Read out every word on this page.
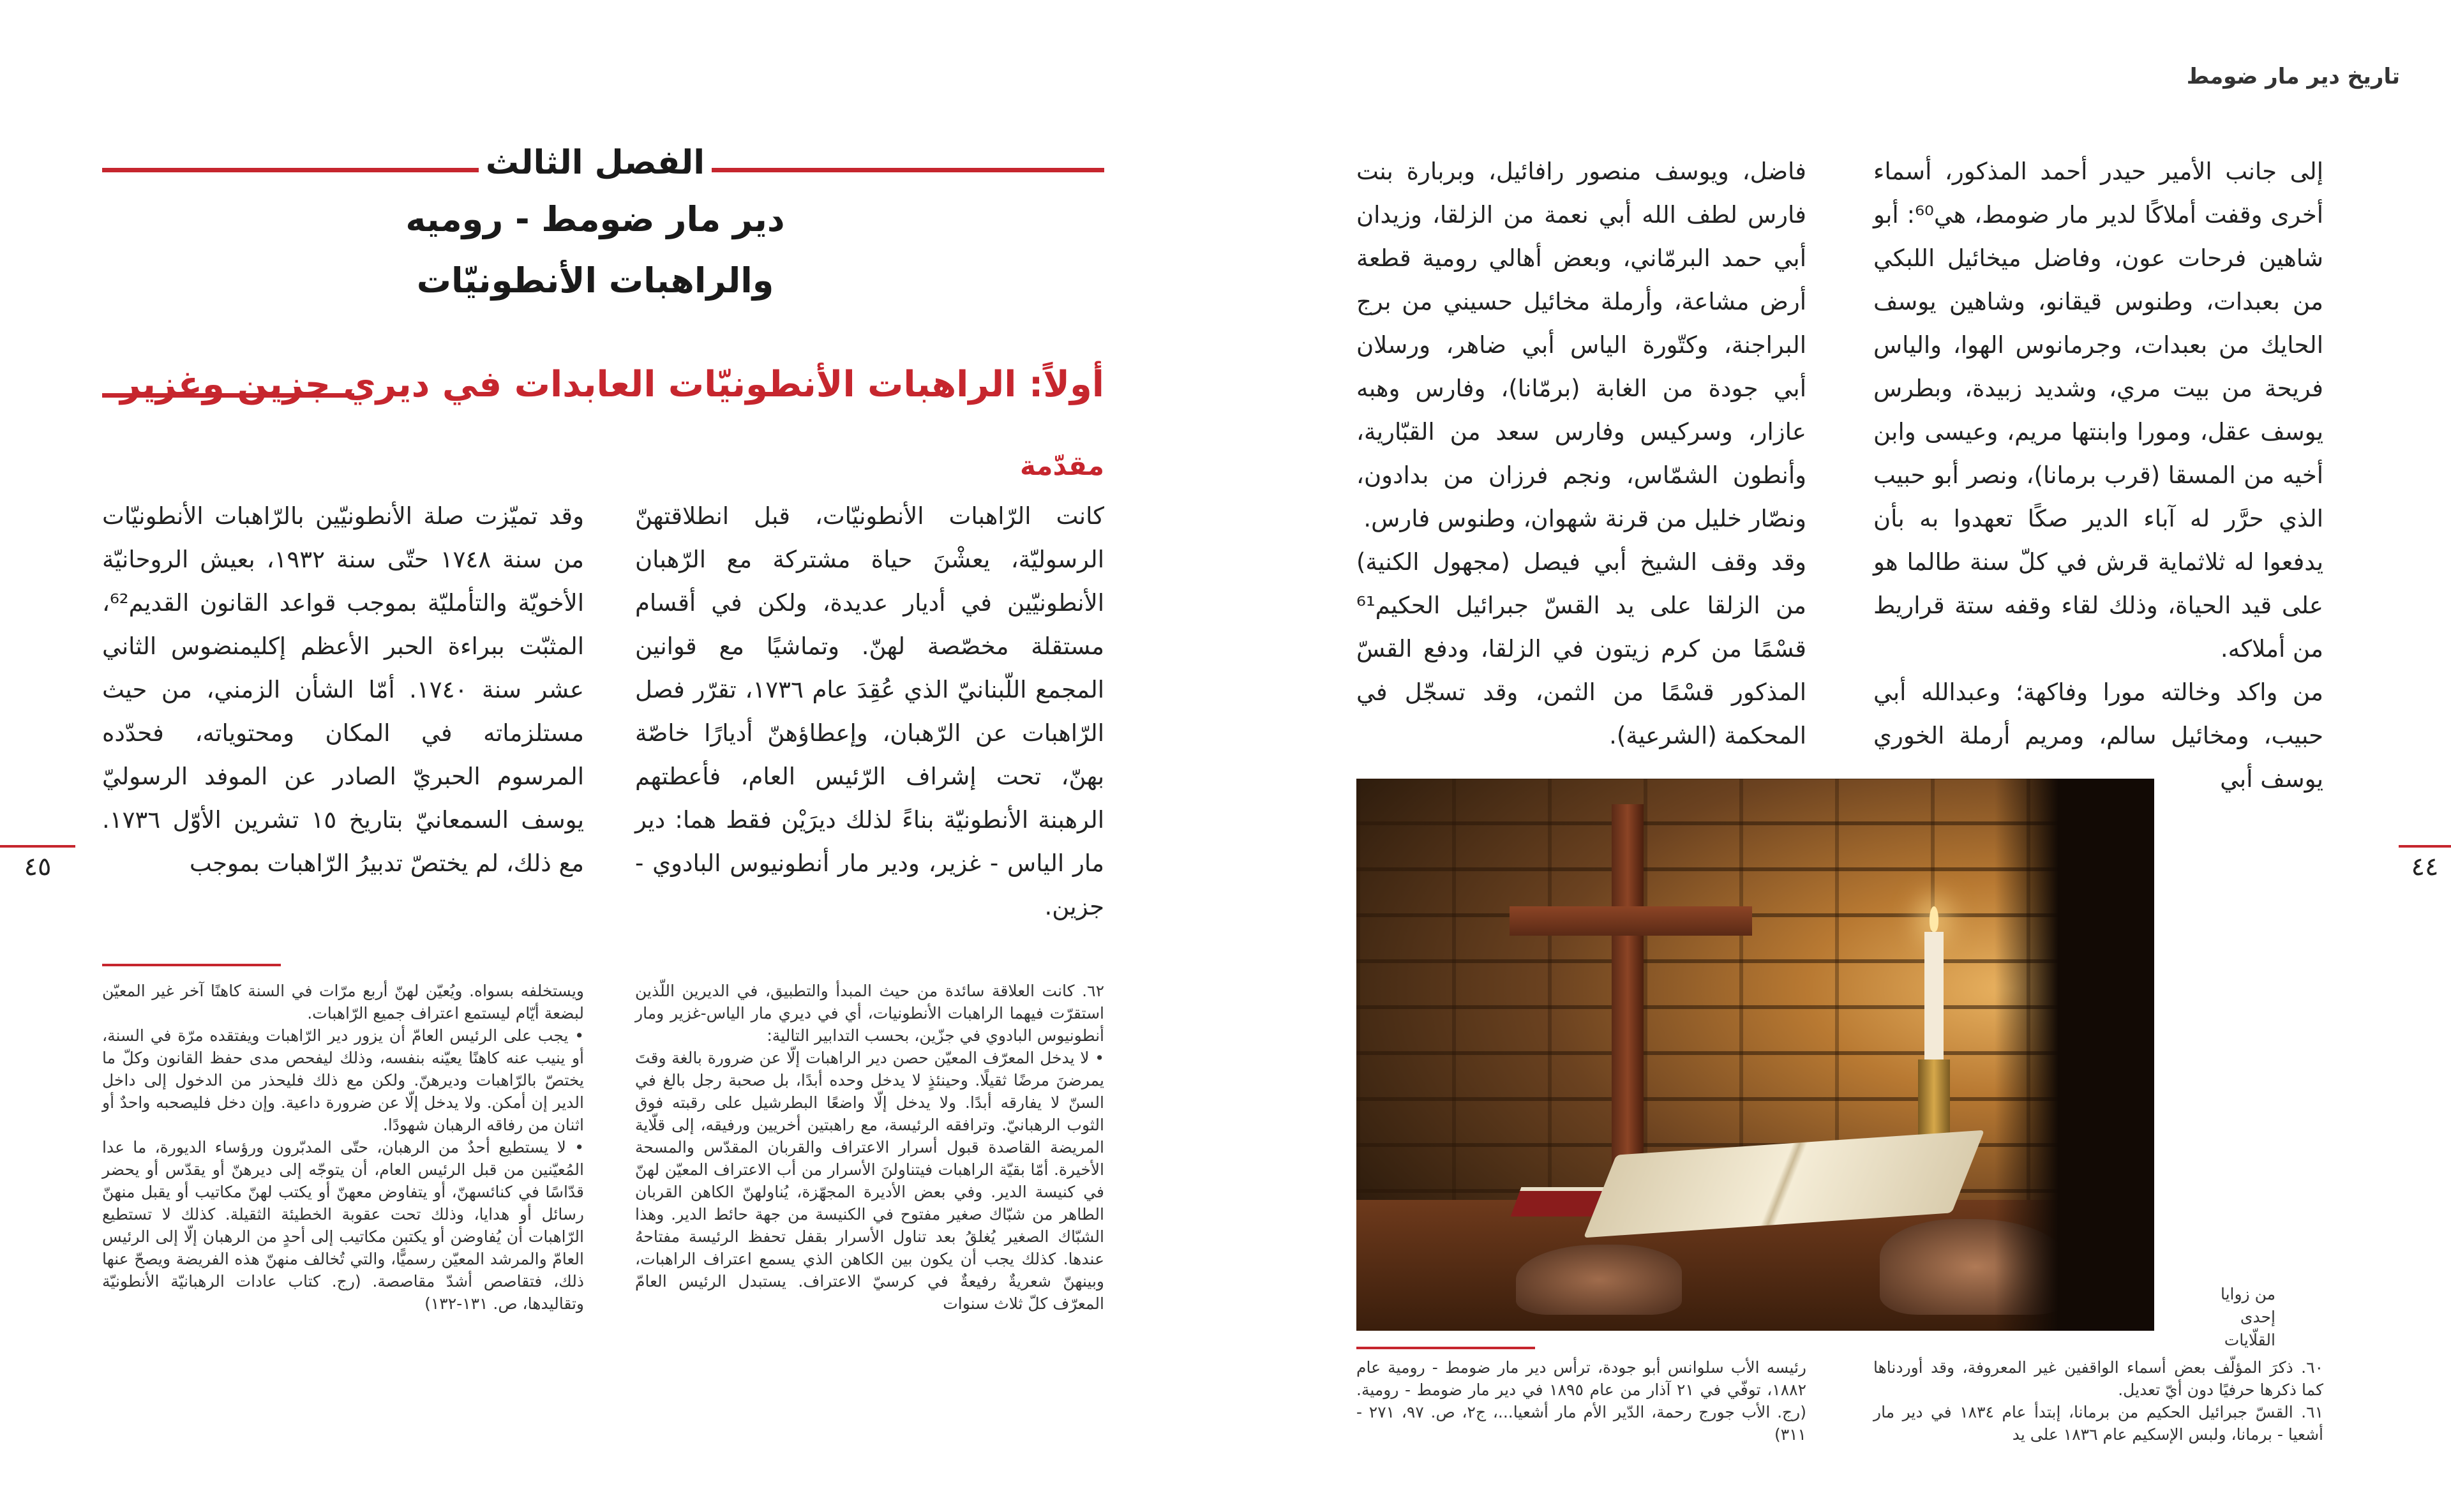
تاريخ دير مار ضومط
٤٤

إلى جانب الأمير حيدر أحمد المذكور، أسماء أخرى وقفت أملاكًا لدير مار ضومط، هي⁶⁰: أبو شاهين فرحات عون، وفاضل ميخائيل اللبكي من بعبدات، وطنوس قيقانو، وشاهين يوسف الحايك من بعبدات، وجرمانوس الهوا، والياس فريحة من بيت مري، وشديد زبيدة، وبطرس يوسف عقل، ومورا وابنتها مريم، وعيسى وابن أخيه من المسقا (قرب برمانا)، ونصر أبو حبيب الذي حرَّر له آباء الدير صكًا تعهدوا به بأن يدفعوا له ثلاثماية قرش في كلّ سنة طالما هو على قيد الحياة، وذلك لقاء وقفه ستة قراريط من أملاكه.

من واكد وخالته مورا وفاكهة؛ وعبدالله أبي حبيب، ومخائيل سالم، ومريم أرملة الخوري يوسف أبي

فاضل، ويوسف منصور رافائيل، وبربارة بنت فارس لطف الله أبي نعمة من الزلقا، وزيدان أبي حمد البرمّاني، وبعض أهالي رومية قطعة أرض مشاعة، وأرملة مخائيل حسيني من برج البراجنة، وكتّورة الياس أبي ضاهر، ورسلان أبي جودة من الغابة (برمّانا)، وفارس وهبه عازار، وسركيس وفارس سعد من القبّارية، وأنطون الشمّاس، ونجم فرزان من بدادون، ونصّار خليل من قرنة شهوان، وطنوس فارس.

وقد وقف الشيخ أبي فيصل (مجهول الكنية) من الزلقا على يد القسّ جبرائيل الحكيم⁶¹ قسْمًا من كرم زيتون في الزلقا، ودفع القسّ المذكور قسْمًا من الثمن، وقد تسجّل في المحكمة (الشرعية).

من زوايا إحدى القلّايات

٦٠. ذكرَ المؤلّف بعض أسماء الواقفين غير المعروفة، وقد أوردناها كما ذكرها حرفيًا دون أيّ تعديل.

٦١. القسّ جبرائيل الحكيم من برمانا، إبتدأ عام ١٨٣٤ في دير مار أشعيا - برمانا، ولبس الإسكيم عام ١٨٣٦ على يد

رئيسه الأب سلوانس أبو جودة، ترأس دير مار ضومط - رومية عام ١٨٨٢، توفّي في ٢١ آذار من عام ١٨٩٥ في دير مار ضومط - رومية. (رج. الأب جورج رحمة، الدّير الأم مار أشعيا...، ج٢، ص. ٩٧، ٢٧١ - ٣١١)

٤٥
الفصل الثالث
دير مار ضومط - روميه
والراهبات الأنطونيّات
أولاً: الراهبات الأنطونيّات العابدات في ديري جزين وغزير
مقدّمة

كانت الرّاهبات الأنطونيّات، قبل انطلاقتهنّ الرسوليّة، يعشْنَ حياة مشتركة مع الرّهبان الأنطونيّين في أديار عديدة، ولكن في أقسام مستقلة مخصّصة لهنّ. وتماشيًا مع قوانين المجمع اللّبنانيّ الذي عُقِدَ عام ١٧٣٦، تقرّر فصل الرّاهبات عن الرّهبان، وإعطاؤهنّ أديارًا خاصّة بهنّ، تحت إشراف الرّئيس العام، فأعطتهم الرهبنة الأنطونيّة بناءً لذلك ديرَيْن فقط هما: دير مار الياس - غزير، ودير مار أنطونيوس البادوي - جزين.

وقد تميّزت صلة الأنطونيّين بالرّاهبات الأنطونيّات من سنة ١٧٤٨ حتّى سنة ١٩٣٢، بعيش الروحانيّة الأخويّة والتأمليّة بموجب قواعد القانون القديم⁶²، المثبّت ببراءة الحبر الأعظم إكليمنضوس الثاني عشر سنة ١٧٤٠. أمّا الشأن الزمني، من حيث مستلزماته في المكان ومحتوياته، فحدّده المرسوم الحبريّ الصادر عن الموفد الرسوليّ يوسف السمعانيّ بتاريخ ١٥ تشرين الأوّل ١٧٣٦. مع ذلك، لم يختصّ تدبيرُ الرّاهبات بموجب

٦٢. كانت العلاقة سائدة من حيث المبدأ والتطبيق، في الديرين اللّذين استقرّت فيهما الراهبات الأنطونيات، أي في ديري مار الياس-غزير ومار أنطونيوس البادوي في جزّين، بحسب التدابير التالية:

• لا يدخل المعرّف المعيّن حصن دير الراهبات إلّا عن ضرورة بالغة وقتَ يمرضنَ مرضًا ثقيلًا. وحينئذٍ لا يدخل وحده أبدًا، بل صحبة رجل بالغ في السنّ لا يفارقه أبدًا. ولا يدخل إلّا واضعًا البطرشيل على رقبته فوق الثوب الرهبانيّ. وترافقه الرئيسة، مع راهبتين أخريين ورفيقه، إلى قلّاية المريضة القاصدة قبول أسرار الاعتراف والقربان المقدّس والمسحة الأخيرة. أمّا بقيّة الراهبات فيتناولنَ الأسرار من أب الاعتراف المعيّن لهنّ في كنيسة الدير. وفي بعض الأديرة المجهّزة، يُناولهنّ الكاهن القربان الطاهر من شبّاك صغير مفتوح في الكنيسة من جهة حائط الدير. وهذا الشبّاك الصغير يُغلقُ بعد تناول الأسرار بقفل تحفظ الرئيسة مفتاحهُ عندها. كذلك يجب أن يكون بين الكاهن الذي يسمع اعتراف الراهبات، وبينهنّ شعريةٌ رفيعةٌ في كرسيّ الاعتراف. يستبدل الرئيس العامّ المعرّف كلّ ثلاث سنوات

ويستخلفه بسواه. ويُعيّن لهنّ أربع مرّات في السنة كاهنًا آخر غير المعيّن لبضعة أيّام ليستمع اعتراف جميع الرّاهبات.

• يجب على الرئيس العامّ أن يزور دير الرّاهبات ويفتقده مرّة في السنة، أو ينيب عنه كاهنًا يعيّنه بنفسه، وذلك ليفحص مدى حفظ القانون وكلّ ما يختصّ بالرّاهبات وديرهنّ. ولكن مع ذلك فليحذر من الدخول إلى داخل الدير إن أمكن. ولا يدخل إلّا عن ضرورة داعية. وإن دخل فليصحبه واحدٌ أو اثنان من رفاقه الرهبان شهودًا.

• لا يستطيع أحدٌ من الرهبان، حتّى المدبّرون ورؤساء الديورة، ما عدا المُعيّنين من قبل الرئيس العام، أن يتوجّه إلى ديرهنّ أو يقدّس أو يحضر قدّاسًا في كنائسهنّ، أو يتفاوض معهنّ أو يكتب لهنّ مكاتيب أو يقبل منهنّ رسائل أو هدايا، وذلك تحت عقوبة الخطيئة الثقيلة. كذلك لا تستطيع الرّاهبات أن يُفاوضن أو يكتبن مكاتيب إلى أحدٍ من الرهبان إلّا إلى الرئيس العامّ والمرشد المعيّن رسميًّا، والتي تُخالف منهنّ هذه الفريضة ويصحّ عنها ذلك، فتقاصص أشدّ مقاصصة. (رج. كتاب عادات الرهبانيّة الأنطونيّة وتقاليدها، ص. ١٣١-١٣٢)
